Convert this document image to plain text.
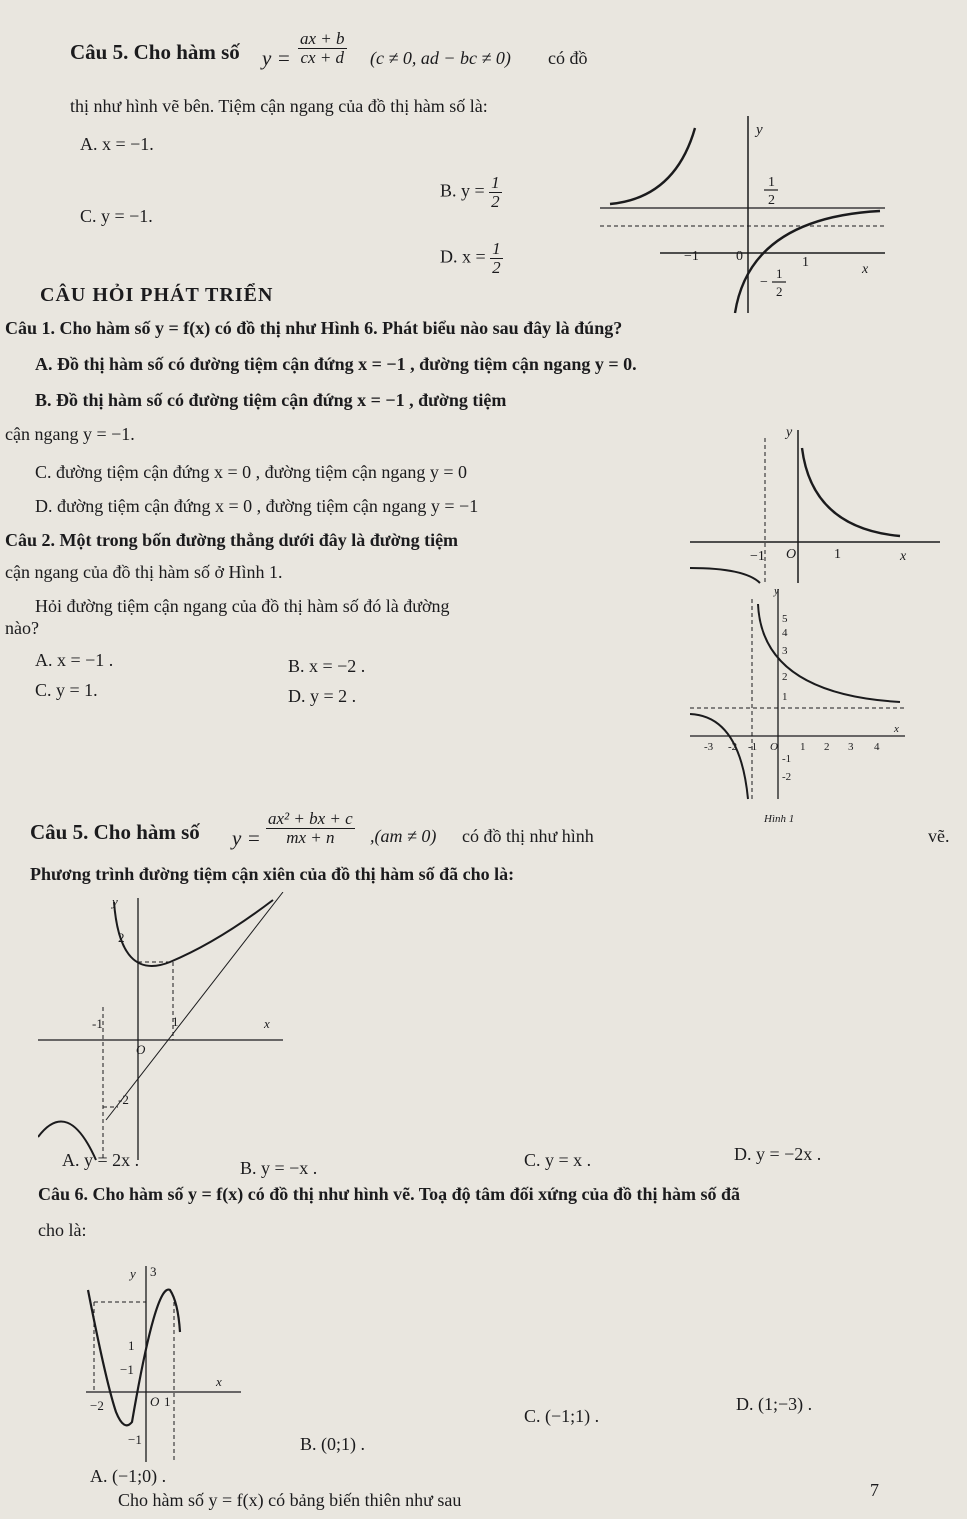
Câu 5. Cho hàm số $y = \frac{ax + b}{cx + d} (c \ne 0$, ad − bc ≠ 0) có đồ
thị như hình vẽ bên. Tiệm cận ngang của đồ thị hàm số là:
A. x = −1.
B. $y = \frac{1}{2}$
C. y = −1.
D. $x = \frac{1}{2}$
y
1
2
−1	0	1	x
−
1
2
CÂU HỎI PHÁT TRIỂN
Câu 1. Cho hàm số y = f(x) có đồ thị như Hình 6. Phát biểu nào sau đây là đúng?
A. Đồ thị hàm số có đường tiệm cận đứng x = −1 , đường tiệm cận ngang y = 0.
B. Đồ thị hàm số có đường tiệm cận đứng x = −1 , đường tiệm
cận ngang y = −1.
C. đường tiệm cận đứng x = 0 , đường tiệm cận ngang y = 0
D. đường tiệm cận đứng x = 0 , đường tiệm cận ngang y = −1
y
−1 O	1	x
Câu 2. Một trong bốn đường thẳng dưới đây là đường tiệm
cận ngang của đồ thị hàm số ở Hình 1.
Hỏi đường tiệm cận ngang của đồ thị hàm số đó là đường
nào?
A. x = −1 .	B. x = −2 .
C. y = 1.	D. y = 2 .
5
4
3
2
1
-1
-2
y
-3 -2 -1 O 1 2 3 4
x
Hình 1
Câu 5. Cho hàm số $y = \frac{\text{ax² + bx + c}}{mx + n} ,(am \ne 0)$ có đồ thị như hình	vẽ.
Phương trình đường tiệm cận xiên của đồ thị hàm số đã cho là:
y
2
-1	1	x
O
-2
A. y = 2x .	B. y = −x .	C. y = x .	D. y = −2x .
Câu 6. Cho hàm số y = f(x) có đồ thị như hình vẽ. Toạ độ tâm đối xứng của đồ thị hàm số đã
cho là:
y 3
1
−1
−2	O 1
x
−1
A. (−1;0) .
B. (0;1) .
C. (−1;1) .
D. (1;−3) .
Cho hàm số y = f(x) có bảng biến thiên như sau	7
